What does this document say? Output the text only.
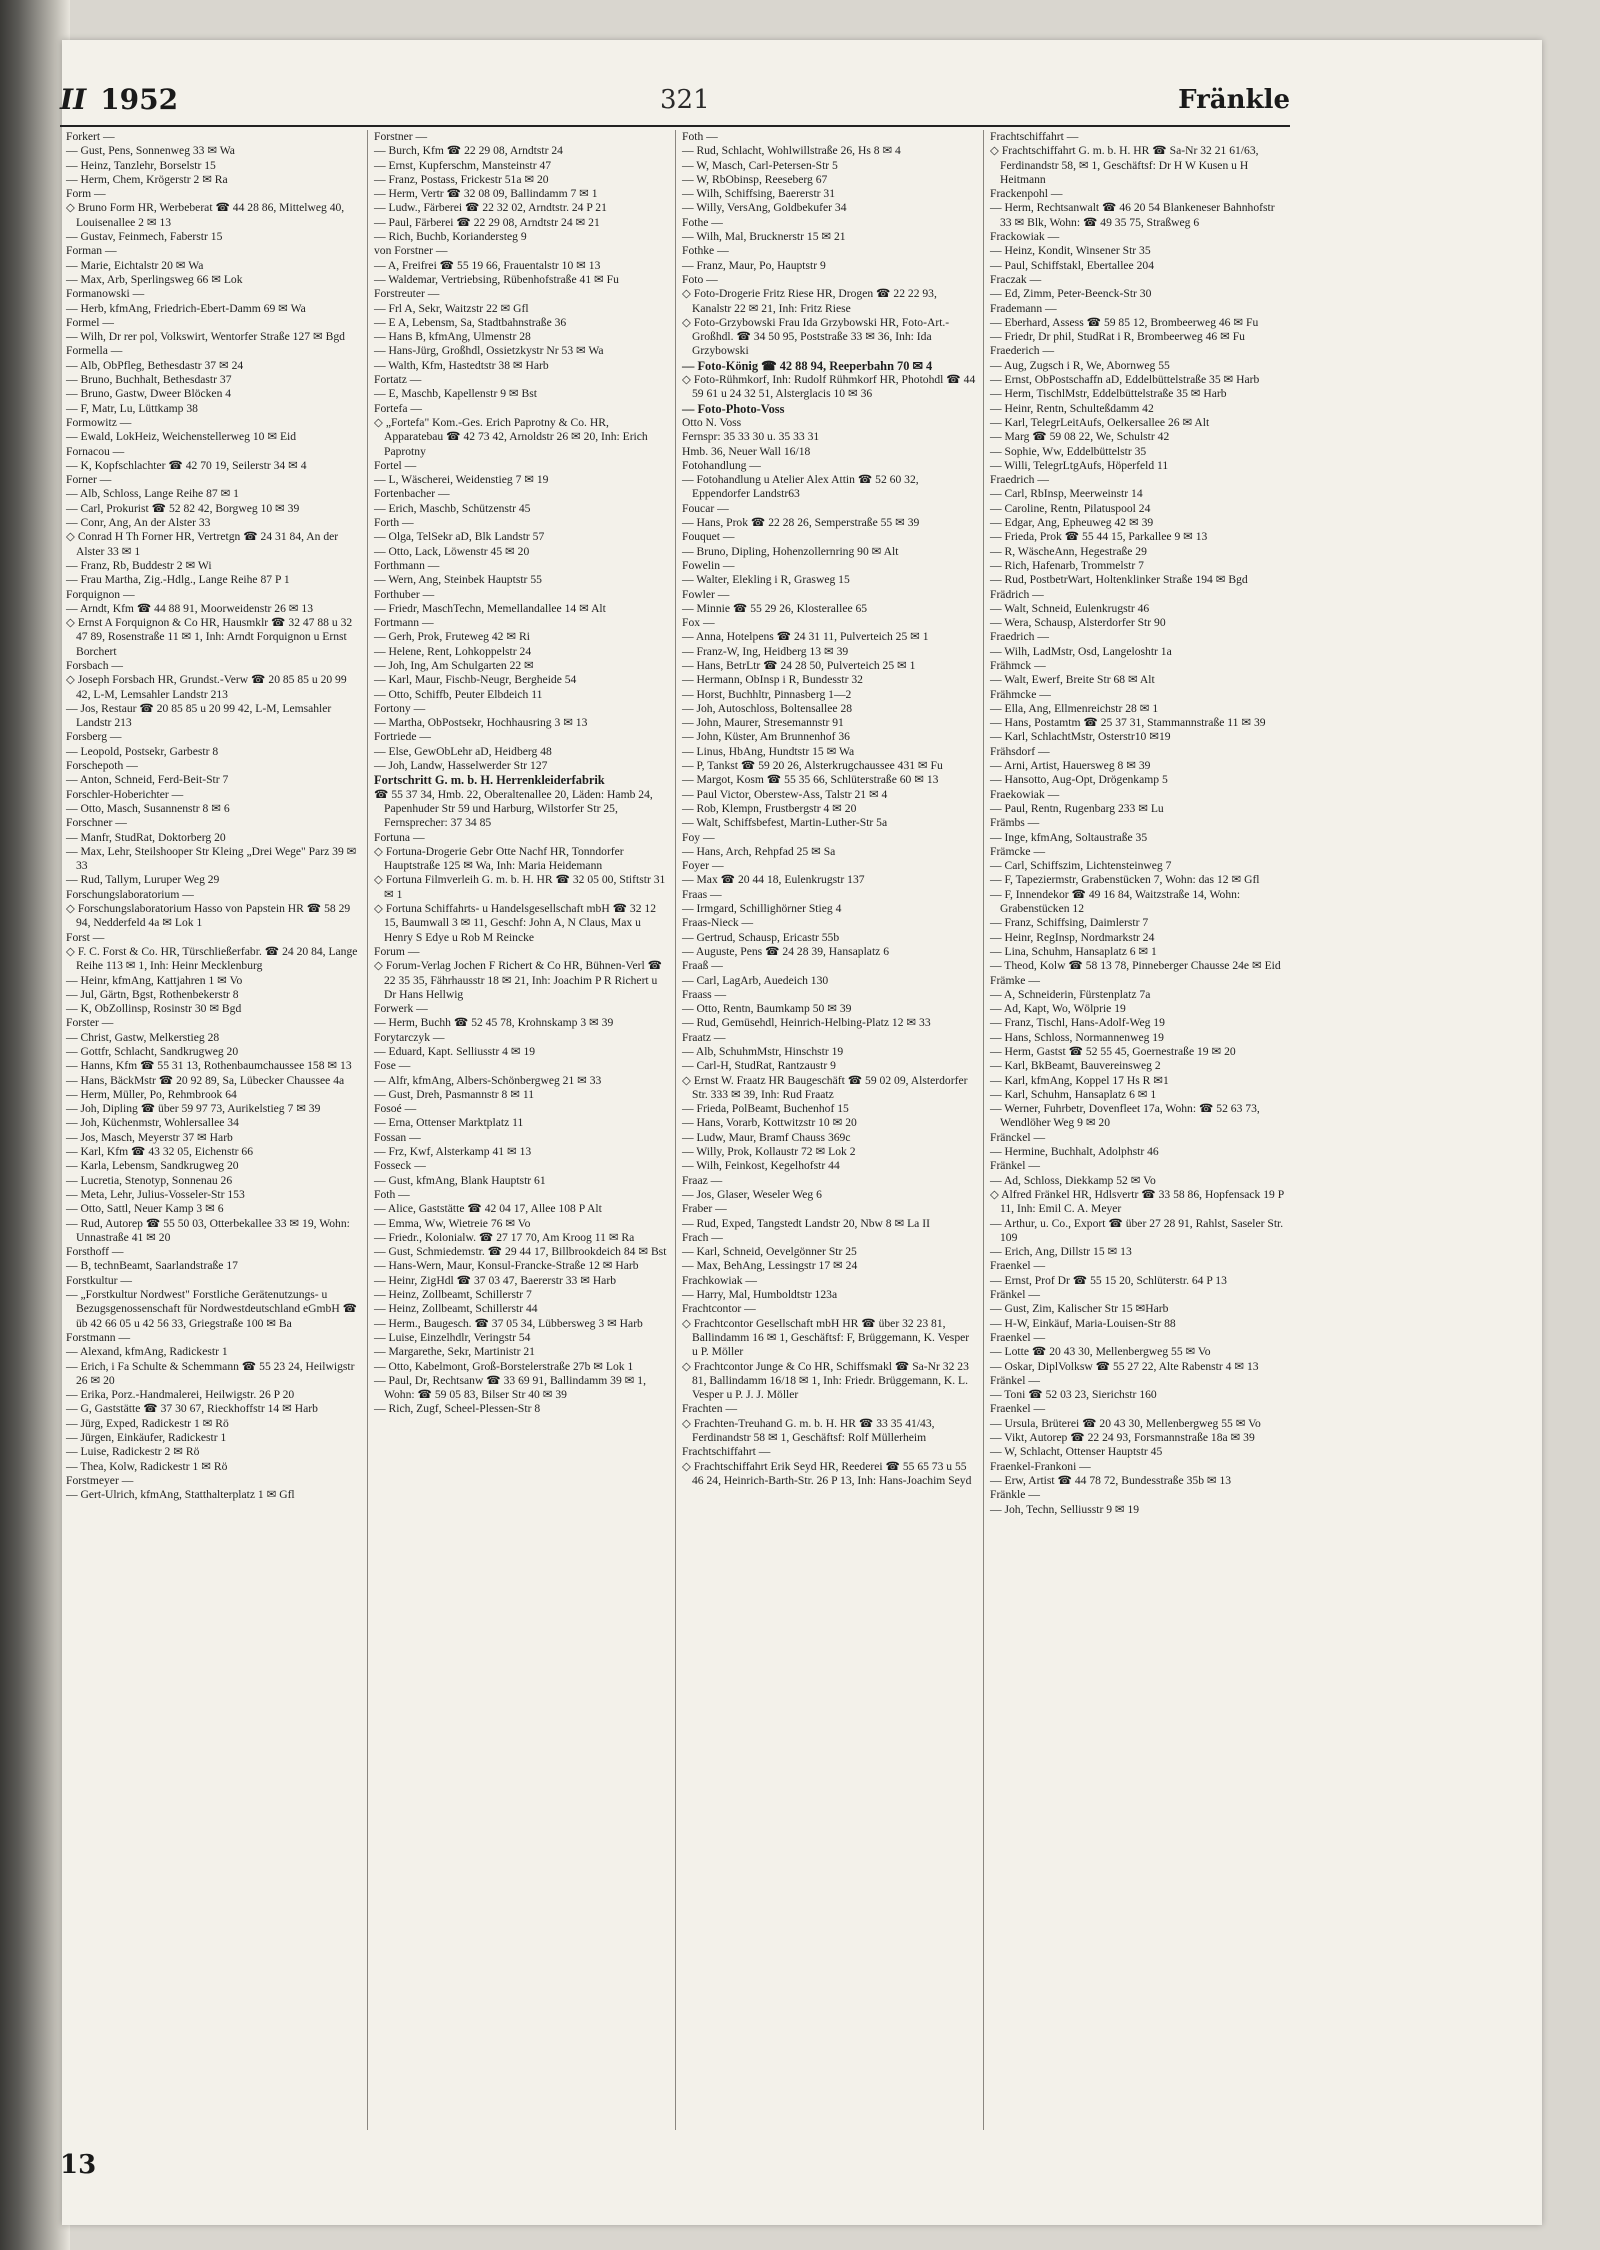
II 1952	321	Fränkle

Forkert —

— Gust, Pens, Sonnenweg 33 ✉ Wa

— Heinz, Tanzlehr, Borselstr 15

— Herm, Chem, Krögerstr 2 ✉ Ra

Form —

◇ Bruno Form HR, Werbeberat ☎ 44 28 86, Mittelweg 40, Louisenallee 2 ✉ 13

— Gustav, Feinmech, Faberstr 15

Forman —

— Marie, Eichtalstr 20 ✉ Wa

— Max, Arb, Sperlingsweg 66 ✉ Lok

Formanowski —

— Herb, kfmAng, Friedrich-Ebert-Damm 69 ✉ Wa

Formel —

— Wilh, Dr rer pol, Volkswirt, Wentorfer Straße 127 ✉ Bgd

Formella —

— Alb, ObPfleg, Bethesdastr 37 ✉ 24

— Bruno, Buchhalt, Bethesdastr 37

— Bruno, Gastw, Dweer Blöcken 4

— F, Matr, Lu, Lüttkamp 38

Formowitz —

— Ewald, LokHeiz, Weichenstellerweg 10 ✉ Eid

Fornacou —

— K, Kopfschlachter ☎ 42 70 19, Seilerstr 34 ✉ 4

Forner —

— Alb, Schloss, Lange Reihe 87 ✉ 1

— Carl, Prokurist ☎ 52 82 42, Borgweg 10 ✉ 39

— Conr, Ang, An der Alster 33

◇ Conrad H Th Forner HR, Vertretgn ☎ 24 31 84, An der Alster 33 ✉ 1

— Franz, Rb, Buddestr 2 ✉ Wi

— Frau Martha, Zig.-Hdlg., Lange Reihe 87 P 1

Forquignon —

— Arndt, Kfm ☎ 44 88 91, Moorweidenstr 26 ✉ 13

◇ Ernst A Forquignon & Co HR, Hausmklr ☎ 32 47 88 u 32 47 89, Rosenstraße 11 ✉ 1, Inh: Arndt Forquignon u Ernst Borchert

Forsbach —

◇ Joseph Forsbach HR, Grundst.-Verw ☎ 20 85 85 u 20 99 42, L-M, Lemsahler Landstr 213

— Jos, Restaur ☎ 20 85 85 u 20 99 42, L-M, Lemsahler Landstr 213

Forsberg —

— Leopold, Postsekr, Garbestr 8

Forschepoth —

— Anton, Schneid, Ferd-Beit-Str 7

Forschler-Hoberichter —

— Otto, Masch, Susannenstr 8 ✉ 6

Forschner —

— Manfr, StudRat, Doktorberg 20

— Max, Lehr, Steilshooper Str Kleing „Drei Wege" Parz 39 ✉ 33

— Rud, Tallym, Luruper Weg 29

Forschungslaboratorium —

◇ Forschungslaboratorium Hasso von Papstein HR ☎ 58 29 94, Nedderfeld 4a ✉ Lok 1

Forst —

◇ F. C. Forst & Co. HR, Türschließerfabr. ☎ 24 20 84, Lange Reihe 113 ✉ 1, Inh: Heinr Mecklenburg

— Heinr, kfmAng, Kattjahren 1 ✉ Vo

— Jul, Gärtn, Bgst, Rothenbekerstr 8

— K, ObZollinsp, Rosinstr 30 ✉ Bgd

Forster —

— Christ, Gastw, Melkerstieg 28

— Gottfr, Schlacht, Sandkrugweg 20

— Hanns, Kfm ☎ 55 31 13, Rothenbaumchaussee 158 ✉ 13

— Hans, BäckMstr ☎ 20 92 89, Sa, Lübecker Chaussee 4a

— Herm, Müller, Po, Rehmbrook 64

— Joh, Dipling ☎ über 59 97 73, Aurikelstieg 7 ✉ 39

— Joh, Küchenmstr, Wohlersallee 34

— Jos, Masch, Meyerstr 37 ✉ Harb

— Karl, Kfm ☎ 43 32 05, Eichenstr 66

— Karla, Lebensm, Sandkrugweg 20

— Lucretia, Stenotyp, Sonnenau 26

— Meta, Lehr, Julius-Vosseler-Str 153

— Otto, Sattl, Neuer Kamp 3 ✉ 6

— Rud, Autorep ☎ 55 50 03, Otterbekallee 33 ✉ 19, Wohn: Unnastraße 41 ✉ 20

Forsthoff —

— B, technBeamt, Saarlandstraße 17

Forstkultur —

— „Forstkultur Nordwest" Forstliche Gerätenutzungs- u Bezugsgenossenschaft für Nordwestdeutschland eGmbH ☎ üb 42 66 05 u 42 56 33, Griegstraße 100 ✉ Ba

Forstmann —

— Alexand, kfmAng, Radickestr 1

— Erich, i Fa Schulte & Schemmann ☎ 55 23 24, Heilwigstr 26 ✉ 20

— Erika, Porz.-Handmalerei, Heilwigstr. 26 P 20

— G, Gaststätte ☎ 37 30 67, Rieckhoffstr 14 ✉ Harb

— Jürg, Exped, Radickestr 1 ✉ Rö

— Jürgen, Einkäufer, Radickestr 1

— Luise, Radickestr 2 ✉ Rö

— Thea, Kolw, Radickestr 1 ✉ Rö

Forstmeyer —

— Gert-Ulrich, kfmAng, Statthalterplatz 1 ✉ Gfl

Forstner —

— Burch, Kfm ☎ 22 29 08, Arndtstr 24

— Ernst, Kupferschm, Mansteinstr 47

— Franz, Postass, Frickestr 51a ✉ 20

— Herm, Vertr ☎ 32 08 09, Ballindamm 7 ✉ 1

— Ludw., Färberei ☎ 22 32 02, Arndtstr. 24 P 21

— Paul, Färberei ☎ 22 29 08, Arndtstr 24 ✉ 21

— Rich, Buchb, Koriandersteg 9

von Forstner —

— A, Freifrei ☎ 55 19 66, Frauentalstr 10 ✉ 13

— Waldemar, Vertriebsing, Rübenhofstraße 41 ✉ Fu

Forstreuter —

— Frl A, Sekr, Waitzstr 22 ✉ Gfl

— E A, Lebensm, Sa, Stadtbahnstraße 36

— Hans B, kfmAng, Ulmenstr 28

— Hans-Jürg, Großhdl, Ossietzkystr Nr 53 ✉ Wa

— Walth, Kfm, Hastedtstr 38 ✉ Harb

Fortatz —

— E, Maschb, Kapellenstr 9 ✉ Bst

Fortefa —

◇ „Fortefa" Kom.-Ges. Erich Paprotny & Co. HR, Apparatebau ☎ 42 73 42, Arnoldstr 26 ✉ 20, Inh: Erich Paprotny

Fortel —

— L, Wäscherei, Weidenstieg 7 ✉ 19

Fortenbacher —

— Erich, Maschb, Schützenstr 45

Forth —

— Olga, TelSekr aD, Blk Landstr 57

— Otto, Lack, Löwenstr 45 ✉ 20

Forthmann —

— Wern, Ang, Steinbek Hauptstr 55

Forthuber —

— Friedr, MaschTechn, Memellandallee 14 ✉ Alt

Fortmann —

— Gerh, Prok, Fruteweg 42 ✉ Ri

— Helene, Rent, Lohkoppelstr 24

— Joh, Ing, Am Schulgarten 22 ✉

— Karl, Maur, Fischb-Neugr, Bergheide 54

— Otto, Schiffb, Peuter Elbdeich 11

Fortony —

— Martha, ObPostsekr, Hochhausring 3 ✉ 13

Fortriede —

— Else, GewObLehr aD, Heidberg 48

— Joh, Landw, Hasselwerder Str 127

Fortschritt G. m. b. H. Herrenkleiderfabrik

☎ 55 37 34, Hmb. 22, Oberaltenallee 20, Läden: Hamb 24, Papenhuder Str 59 und Harburg, Wilstorfer Str 25, Fernsprecher: 37 34 85

Fortuna —

◇ Fortuna-Drogerie Gebr Otte Nachf HR, Tonndorfer Hauptstraße 125 ✉ Wa, Inh: Maria Heidemann

◇ Fortuna Filmverleih G. m. b. H. HR ☎ 32 05 00, Stiftstr 31 ✉ 1

◇ Fortuna Schiffahrts- u Handelsgesellschaft mbH ☎ 32 12 15, Baumwall 3 ✉ 11, Geschf: John A, N Claus, Max u Henry S Edye u Rob M Reincke

Forum —

◇ Forum-Verlag Jochen F Richert & Co HR, Bühnen-Verl ☎ 22 35 35, Fährhausstr 18 ✉ 21, Inh: Joachim P R Richert u Dr Hans Hellwig

Forwerk —

— Herm, Buchh ☎ 52 45 78, Krohnskamp 3 ✉ 39

Forytarczyk —

— Eduard, Kapt. Selliusstr 4 ✉ 19

Fose —

— Alfr, kfmAng, Albers-Schönbergweg 21 ✉ 33

— Gust, Dreh, Pasmannstr 8 ✉ 11

Fosoé —

— Erna, Ottenser Marktplatz 11

Fossan —

— Frz, Kwf, Alsterkamp 41 ✉ 13

Fosseck —

— Gust, kfmAng, Blank Hauptstr 61

Foth —

— Alice, Gaststätte ☎ 42 04 17, Allee 108 P Alt

— Emma, Ww, Wietreie 76 ✉ Vo

— Friedr., Kolonialw. ☎ 27 17 70, Am Kroog 11 ✉ Ra

— Gust, Schmiedemstr. ☎ 29 44 17, Billbrookdeich 84 ✉ Bst

— Hans-Wern, Maur, Konsul-Francke-Straße 12 ✉ Harb

— Heinr, ZigHdl ☎ 37 03 47, Baererstr 33 ✉ Harb

— Heinz, Zollbeamt, Schillerstr 7

— Heinz, Zollbeamt, Schillerstr 44

— Herm., Baugesch. ☎ 37 05 34, Lübbersweg 3 ✉ Harb

— Luise, Einzelhdlr, Veringstr 54

— Margarethe, Sekr, Martinistr 21

— Otto, Kabelmont, Groß-Borstelerstraße 27b ✉ Lok 1

— Paul, Dr, Rechtsanw ☎ 33 69 91, Ballindamm 39 ✉ 1, Wohn: ☎ 59 05 83, Bilser Str 40 ✉ 39

— Rich, Zugf, Scheel-Plessen-Str 8

Foth —

— Rud, Schlacht, Wohlwillstraße 26, Hs 8 ✉ 4

— W, Masch, Carl-Petersen-Str 5

— W, RbObinsp, Reeseberg 67

— Wilh, Schiffsing, Baererstr 31

— Willy, VersAng, Goldbekufer 34

Fothe —

— Wilh, Mal, Brucknerstr 15 ✉ 21

Fothke —

— Franz, Maur, Po, Hauptstr 9

Foto —

◇ Foto-Drogerie Fritz Riese HR, Drogen ☎ 22 22 93, Kanalstr 22 ✉ 21, Inh: Fritz Riese

◇ Foto-Grzybowski Frau Ida Grzybowski HR, Foto-Art.-Großhdl. ☎ 34 50 95, Poststraße 33 ✉ 36, Inh: Ida Grzybowski

— Foto-König ☎ 42 88 94, Reeperbahn 70 ✉ 4

◇ Foto-Rühmkorf, Inh: Rudolf Rühmkorf HR, Photohdl ☎ 44 59 61 u 24 32 51, Alsterglacis 10 ✉ 36

— Foto-Photo-Voss

Otto N. Voss

Fernspr: 35 33 30 u. 35 33 31

Hmb. 36, Neuer Wall 16/18

Fotohandlung —

— Fotohandlung u Atelier Alex Attin ☎ 52 60 32, Eppendorfer Landstr63

Foucar —

— Hans, Prok ☎ 22 28 26, Semperstraße 55 ✉ 39

Fouquet —

— Bruno, Dipling, Hohenzollernring 90 ✉ Alt

Fowelin —

— Walter, Elekling i R, Grasweg 15

Fowler —

— Minnie ☎ 55 29 26, Klosterallee 65

Fox —

— Anna, Hotelpens ☎ 24 31 11, Pulverteich 25 ✉ 1

— Franz-W, Ing, Heidberg 13 ✉ 39

— Hans, BetrLtr ☎ 24 28 50, Pulverteich 25 ✉ 1

— Hermann, ObInsp i R, Bundesstr 32

— Horst, Buchhltr, Pinnasberg 1—2

— Joh, Autoschloss, Boltensallee 28

— John, Maurer, Stresemannstr 91

— John, Küster, Am Brunnenhof 36

— Linus, HbAng, Hundtstr 15 ✉ Wa

— P, Tankst ☎ 59 20 26, Alsterkrugchaussee 431 ✉ Fu

— Margot, Kosm ☎ 55 35 66, Schlüterstraße 60 ✉ 13

— Paul Victor, Oberstew-Ass, Talstr 21 ✉ 4

— Rob, Klempn, Frustbergstr 4 ✉ 20

— Walt, Schiffsbefest, Martin-Luther-Str 5a

Foy —

— Hans, Arch, Rehpfad 25 ✉ Sa

Foyer —

— Max ☎ 20 44 18, Eulenkrugstr 137

Fraas —

— Irmgard, Schillighörner Stieg 4

Fraas-Nieck —

— Gertrud, Schausp, Ericastr 55b

— Auguste, Pens ☎ 24 28 39, Hansaplatz 6

Fraaß —

— Carl, LagArb, Auedeich 130

Fraass —

— Otto, Rentn, Baumkamp 50 ✉ 39

— Rud, Gemüsehdl, Heinrich-Helbing-Platz 12 ✉ 33

Fraatz —

— Alb, SchuhmMstr, Hinschstr 19

— Carl-H, StudRat, Rantzaustr 9

◇ Ernst W. Fraatz HR Baugeschäft ☎ 59 02 09, Alsterdorfer Str. 333 ✉ 39, Inh: Rud Fraatz

— Frieda, PolBeamt, Buchenhof 15

— Hans, Vorarb, Kottwitzstr 10 ✉ 20

— Ludw, Maur, Bramf Chauss 369c

— Willy, Prok, Kollaustr 72 ✉ Lok 2

— Wilh, Feinkost, Kegelhofstr 44

Fraaz —

— Jos, Glaser, Weseler Weg 6

Fraber —

— Rud, Exped, Tangstedt Landstr 20, Nbw 8 ✉ La II

Frach —

— Karl, Schneid, Oevelgönner Str 25

— Max, BehAng, Lessingstr 17 ✉ 24

Frachkowiak —

— Harry, Mal, Humboldtstr 123a

Frachtcontor —

◇ Frachtcontor Gesellschaft mbH HR ☎ über 32 23 81, Ballindamm 16 ✉ 1, Geschäftsf: F, Brüggemann, K. Vesper u P. Möller

◇ Frachtcontor Junge & Co HR, Schiffsmakl ☎ Sa-Nr 32 23 81, Ballindamm 16/18 ✉ 1, Inh: Friedr. Brüggemann, K. L. Vesper u P. J. J. Möller

Frachten —

◇ Frachten-Treuhand G. m. b. H. HR ☎ 33 35 41/43, Ferdinandstr 58 ✉ 1, Geschäftsf: Rolf Müllerheim

Frachtschiffahrt —

◇ Frachtschiffahrt Erik Seyd HR, Reederei ☎ 55 65 73 u 55 46 24, Heinrich-Barth-Str. 26 P 13, Inh: Hans-Joachim Seyd

Frachtschiffahrt —

◇ Frachtschiffahrt G. m. b. H. HR ☎ Sa-Nr 32 21 61/63, Ferdinandstr 58, ✉ 1, Geschäftsf: Dr H W Kusen u H Heitmann

Frackenpohl —

— Herm, Rechtsanwalt ☎ 46 20 54 Blankeneser Bahnhofstr 33 ✉ Blk, Wohn: ☎ 49 35 75, Straßweg 6

Frackowiak —

— Heinz, Kondit, Winsener Str 35

— Paul, Schiffstakl, Ebertallee 204

Fraczak —

— Ed, Zimm, Peter-Beenck-Str 30

Frademann —

— Eberhard, Assess ☎ 59 85 12, Brombeerweg 46 ✉ Fu

— Friedr, Dr phil, StudRat i R, Brombeerweg 46 ✉ Fu

Fraederich —

— Aug, Zugsch i R, We, Abornweg 55

— Ernst, ObPostschaffn aD, Eddelbüttelstraße 35 ✉ Harb

— Herm, TischlMstr, Eddelbüttelstraße 35 ✉ Harb

— Heinr, Rentn, Schulteßdamm 42

— Karl, TelegrLeitAufs, Oelkersallee 26 ✉ Alt

— Marg ☎ 59 08 22, We, Schulstr 42

— Sophie, Ww, Eddelbüttelstr 35

— Willi, TelegrLtgAufs, Höperfeld 11

Fraedrich —

— Carl, RbInsp, Meerweinstr 14

— Caroline, Rentn, Pilatuspool 24

— Edgar, Ang, Epheuweg 42 ✉ 39

— Frieda, Prok ☎ 55 44 15, Parkallee 9 ✉ 13

— R, WäscheAnn, Hegestraße 29

— Rich, Hafenarb, Trommelstr 7

— Rud, PostbetrWart, Holtenklinker Straße 194 ✉ Bgd

Frädrich —

— Walt, Schneid, Eulenkrugstr 46

— Wera, Schausp, Alsterdorfer Str 90

Fraedrich —

— Wilh, LadMstr, Osd, Langeloshtr 1a

Frähmck —

— Walt, Ewerf, Breite Str 68 ✉ Alt

Frähmcke —

— Ella, Ang, Ellmenreichstr 28 ✉ 1

— Hans, Postamtm ☎ 25 37 31, Stammannstraße 11 ✉ 39

— Karl, SchlachtMstr, Osterstr10 ✉19

Frähsdorf —

— Arni, Artist, Hauersweg 8 ✉ 39

— Hansotto, Aug-Opt, Drögenkamp 5

Fraekowiak —

— Paul, Rentn, Rugenbarg 233 ✉ Lu

Främbs —

— Inge, kfmAng, Soltaustraße 35

Främcke —

— Carl, Schiffszim, Lichtensteinweg 7

— F, Tapeziermstr, Grabenstücken 7, Wohn: das 12 ✉ Gfl

— F, Innendekor ☎ 49 16 84, Waitzstraße 14, Wohn: Grabenstücken 12

— Franz, Schiffsing, Daimlerstr 7

— Heinr, RegInsp, Nordmarkstr 24

— Lina, Schuhm, Hansaplatz 6 ✉ 1

— Theod, Kolw ☎ 58 13 78, Pinneberger Chausse 24e ✉ Eid

Främke —

— A, Schneiderin, Fürstenplatz 7a

— Ad, Kapt, Wo, Wölpriе 19

— Franz, Tischl, Hans-Adolf-Weg 19

— Hans, Schloss, Normannenweg 19

— Herm, Gastst ☎ 52 55 45, Goernestraße 19 ✉ 20

— Karl, BkBeamt, Bauvereinsweg 2

— Karl, kfmAng, Koppel 17 Hs R ✉1

— Karl, Schuhm, Hansaplatz 6 ✉ 1

— Werner, Fuhrbetr, Dovenfleet 17a, Wohn: ☎ 52 63 73, Wendlöher Weg 9 ✉ 20

Fränckel —

— Hermine, Buchhalt, Adolphstr 46

Fränkel —

— Ad, Schloss, Diekkamp 52 ✉ Vo

◇ Alfred Fränkel HR, Hdlsvertr ☎ 33 58 86, Hopfensack 19 P 11, Inh: Emil C. A. Meyer

— Arthur, u. Co., Export ☎ über 27 28 91, Rahlst, Saseler Str. 109

— Erich, Ang, Dillstr 15 ✉ 13

Fraenkel —

— Ernst, Prof Dr ☎ 55 15 20, Schlüterstr. 64 P 13

Fränkel —

— Gust, Zim, Kalischer Str 15 ✉Harb

— H-W, Einkäuf, Maria-Louisen-Str 88

Fraenkel —

— Lotte ☎ 20 43 30, Mellenbergweg 55 ✉ Vo

— Oskar, DiplVolksw ☎ 55 27 22, Alte Rabenstr 4 ✉ 13

Fränkel —

— Toni ☎ 52 03 23, Sierichstr 160

Fraenkel —

— Ursula, Brüterei ☎ 20 43 30, Mellenbergweg 55 ✉ Vo

— Vikt, Autorep ☎ 22 24 93, Forsmannstraße 18a ✉ 39

— W, Schlacht, Ottenser Hauptstr 45

Fraenkel-Frankoni —

— Erw, Artist ☎ 44 78 72, Bundesstraße 35b ✉ 13

Fränkle —

— Joh, Techn, Selliusstr 9 ✉ 19

13
